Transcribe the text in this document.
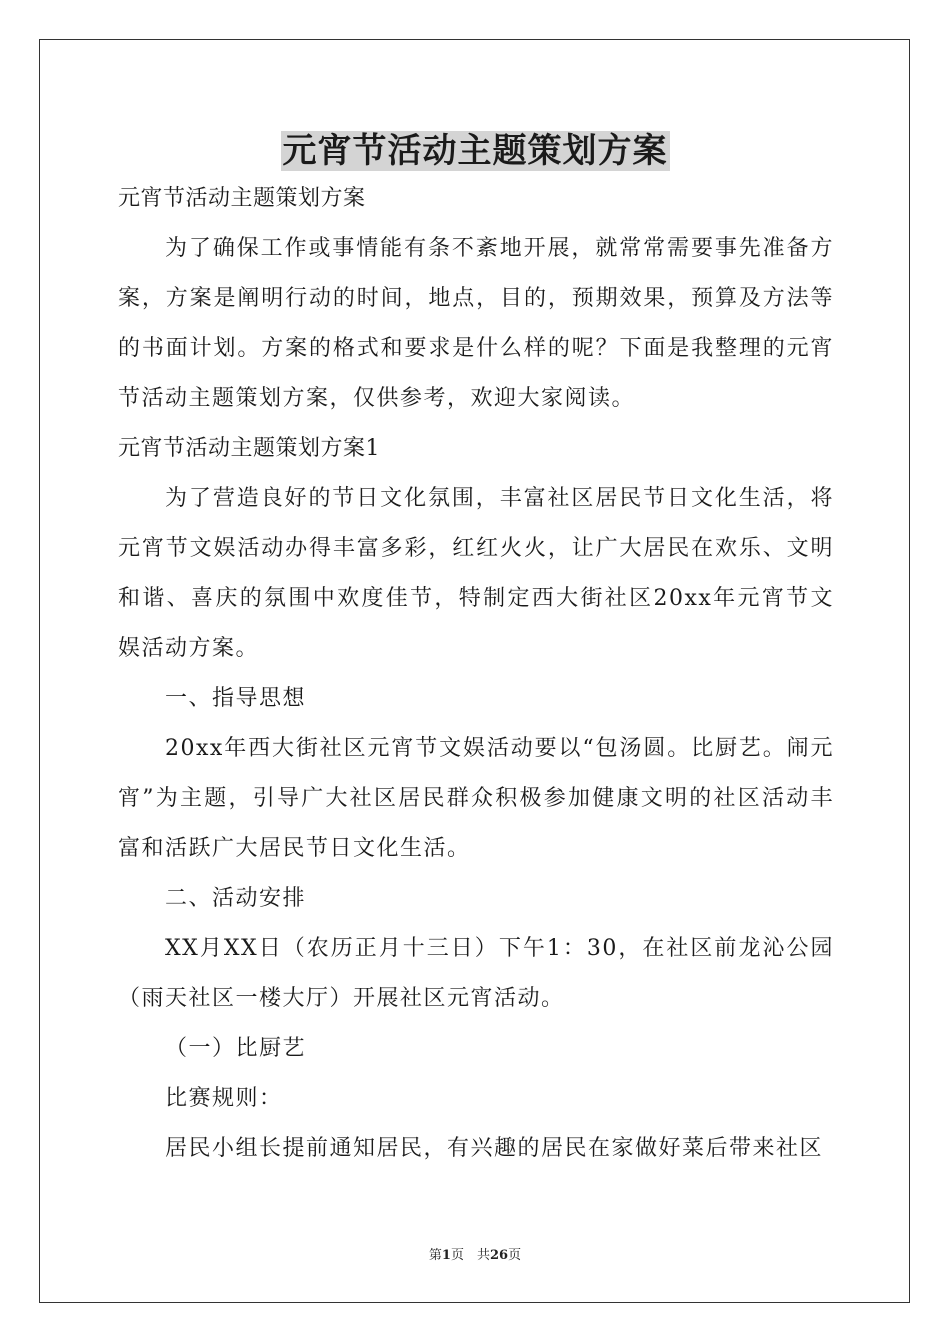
元宵节活动主题策划方案

元宵节活动主题策划方案

为了确保工作或事情能有条不紊地开展，就常常需要事先准备方案，方案是阐明行动的时间，地点，目的，预期效果，预算及方法等的书面计划。方案的格式和要求是什么样的呢？下面是我整理的元宵节活动主题策划方案，仅供参考，欢迎大家阅读。

元宵节活动主题策划方案1

为了营造良好的节日文化氛围，丰富社区居民节日文化生活，将元宵节文娱活动办得丰富多彩，红红火火，让广大居民在欢乐、文明和谐、喜庆的氛围中欢度佳节，特制定西大街社区20xx年元宵节文娱活动方案。

一、指导思想

20xx年西大街社区元宵节文娱活动要以“包汤圆。比厨艺。闹元宵”为主题，引导广大社区居民群众积极参加健康文明的社区活动丰富和活跃广大居民节日文化生活。

二、活动安排

XX月XX日（农历正月十三日）下午1：30，在社区前龙沁公园（雨天社区一楼大厅）开展社区元宵活动。

（一）比厨艺

比赛规则：

居民小组长提前通知居民，有兴趣的居民在家做好菜后带来社区

第1页　共26页
